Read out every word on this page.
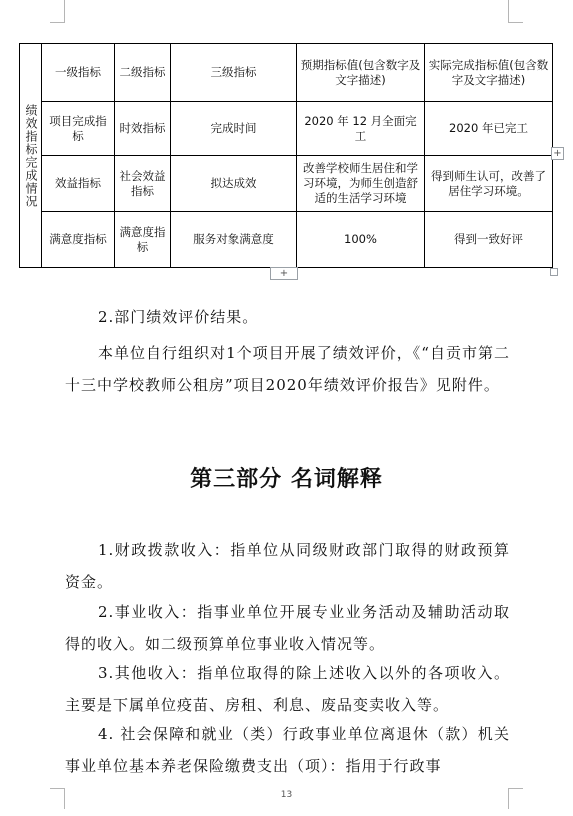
绩效指标完成情况	一级指标	二级指标	三级指标	预期指标值(包含数字及文字描述)	实际完成指标值(包含数字及文字描述)
	项目完成指标	时效指标	完成时间	2020 年 12 月全面完工	2020 年已完工
	效益指标	社会效益指标	拟达成效	改善学校师生居住和学习环境，为师生创造舒适的生活学习环境	得到师生认可，改善了居住学习环境。
	满意度指标	满意度指标	服务对象满意度	100%	得到一致好评
+
+

2.部门绩效评价结果。

本单位自行组织对1个项目开展了绩效评价，《“自贡市第二十三中学校教师公租房”项目2020年绩效评价报告》见附件。

第三部分 名词解释

1.财政拨款收入：指单位从同级财政部门取得的财政预算资金。

2.事业收入：指事业单位开展专业业务活动及辅助活动取得的收入。如二级预算单位事业收入情况等。

3.其他收入：指单位取得的除上述收入以外的各项收入。主要是下属单位疫苗、房租、利息、废品变卖收入等。

4. 社会保障和就业（类）行政事业单位离退休（款）机关事业单位基本养老保险缴费支出（项）：指用于行政事

13
